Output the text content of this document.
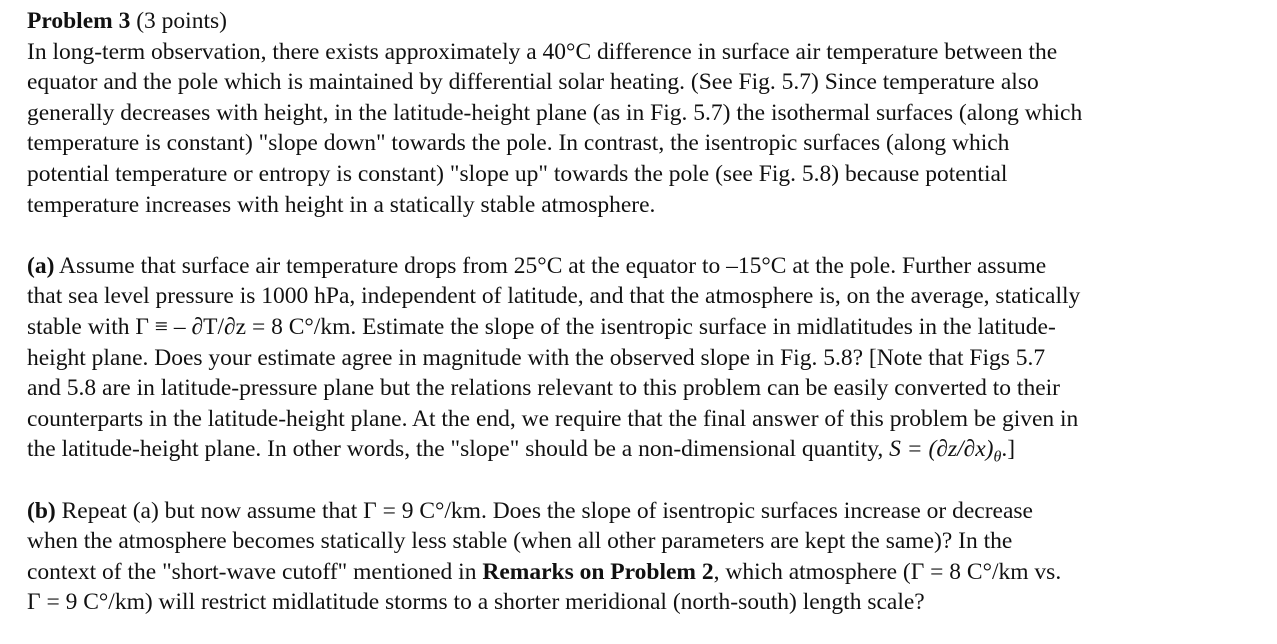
Problem 3 (3 points)
In long-term observation, there exists approximately a 40°C difference in surface air temperature between the
equator and the pole which is maintained by differential solar heating. (See Fig. 5.7) Since temperature also
generally decreases with height, in the latitude-height plane (as in Fig. 5.7) the isothermal surfaces (along which
temperature is constant) "slope down" towards the pole. In contrast, the isentropic surfaces (along which
potential temperature or entropy is constant) "slope up" towards the pole (see Fig. 5.8) because potential
temperature increases with height in a statically stable atmosphere.
(a) Assume that surface air temperature drops from 25°C at the equator to –15°C at the pole. Further assume
that sea level pressure is 1000 hPa, independent of latitude, and that the atmosphere is, on the average, statically
stable with Γ ≡ – ∂T/∂z = 8 C°/km. Estimate the slope of the isentropic surface in midlatitudes in the latitude-
height plane. Does your estimate agree in magnitude with the observed slope in Fig. 5.8? [Note that Figs 5.7
and 5.8 are in latitude-pressure plane but the relations relevant to this problem can be easily converted to their
counterparts in the latitude-height plane. At the end, we require that the final answer of this problem be given in
the latitude-height plane. In other words, the "slope" should be a non-dimensional quantity, $S = (\partial z/\partial x)_\theta$.]
(b) Repeat (a) but now assume that Γ = 9 C°/km. Does the slope of isentropic surfaces increase or decrease
when the atmosphere becomes statically less stable (when all other parameters are kept the same)? In the
context of the "short-wave cutoff" mentioned in Remarks on Problem 2, which atmosphere (Γ = 8 C°/km vs.
Γ = 9 C°/km) will restrict midlatitude storms to a shorter meridional (north-south) length scale?
